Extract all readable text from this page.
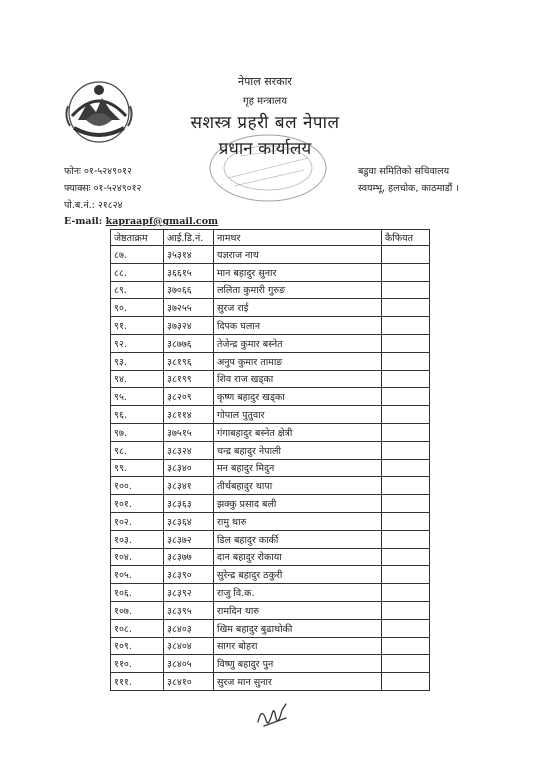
नेपाल सरकार
गृह मन्त्रालय
सशस्त्र प्रहरी बल नेपाल
प्रधान कार्यालय
फोनः ०१-५२४९०१२
फ्याक्सः ०१-५२४९०१२
पो.ब.नं.: २१८२४
E-mail: kapraapf@gmail.com
बडुवा समितिको सचिवालय
स्वयम्भू, हलचोक, काठमाडौं ।
जेष्ठताक्रम	आई.डि.नं.	नामथर	कैफियत
८७.	३५३१४	यज्ञराज नाथ	
८८.	३६६१५	मान बहादुर सुनार	
८९.	३७०६६	ललिता कुमारी गुरुङ	
९०.	३७२५५	सुरज राई	
९१.	३७३२४	दिपक घलान	
९२.	३८७७६	तेजेन्द्र कुमार बस्नेत	
९३.	३८१९६	अनुप कुमार तामाङ	
९४.	३८१९९	शिव राज खड्का	
९५.	३८२०९	कृष्ण बहादुर खड्का	
९६.	३८११४	गोपाल पुतुवार	
९७.	३७५१५	गंगाबहादुर बस्नेत क्षेत्री	
९८.	३८३२४	चन्द्र बहादुर नेपाली	
९९.	३८३४०	मन बहादुर मिदुन	
१००.	३८३४१	तीर्थबहादुर थापा	
१०१.	३८३६३	झक्कु प्रसाद बली	
१०२.	३८३६४	रामु थारु	
१०३.	३८३७२	डिल बहादुर कार्की	
१०४.	३८३७७	दान बहादुर रोकाया	
१०५.	३८३९०	सुरेन्द्र बहादुर ठकुरी	
१०६.	३८३९२	राजु वि.क.	
१०७.	३८३९५	रामदिन थारु	
१०८.	३८४०३	खिम बहादुर बुढाथोकी	
१०९.	३८४०४	सागर बोहरा	
११०.	३८४०५	विष्णु बहादुर पुन	
१११.	३८४१०	सुरज मान सुनार	
